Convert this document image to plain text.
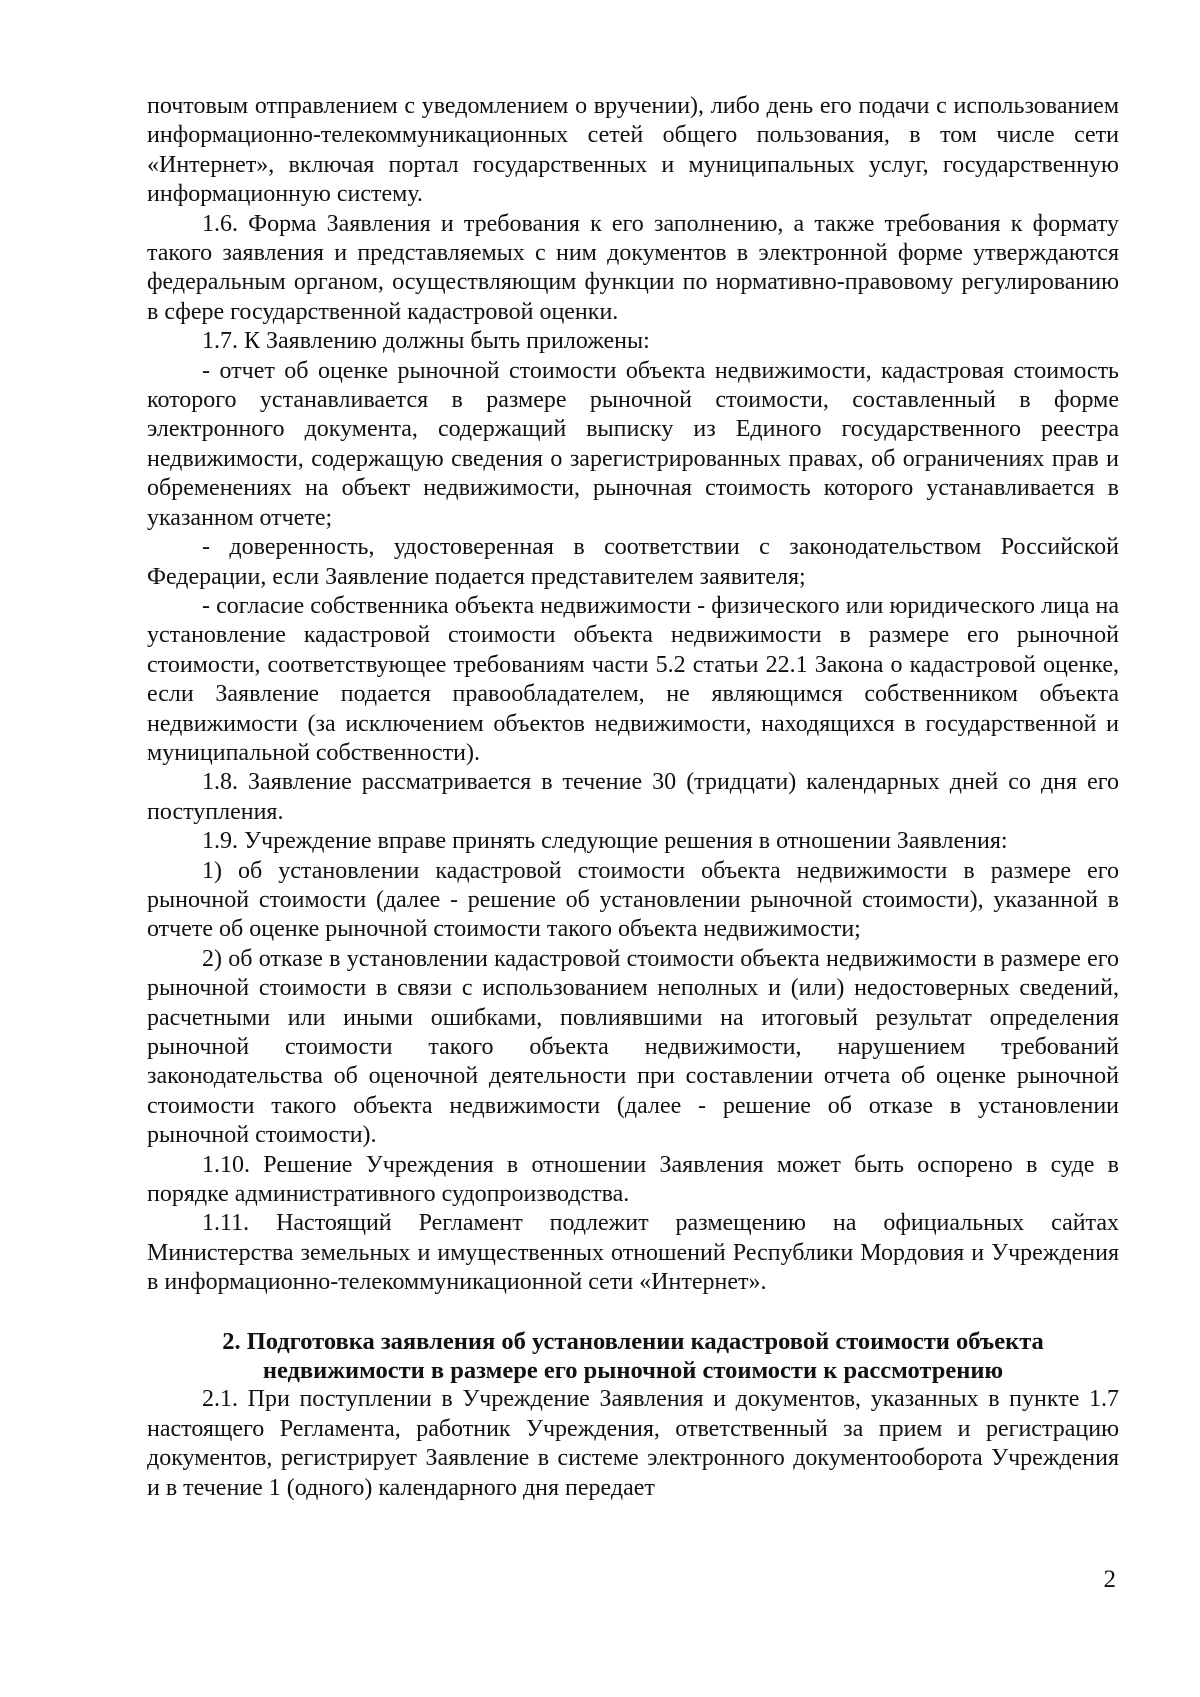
почтовым отправлением с уведомлением о вручении), либо день его подачи с использованием информационно-телекоммуникационных сетей общего пользования, в том числе сети «Интернет», включая портал государственных и муниципальных услуг, государственную информационную систему.

1.6. Форма Заявления и требования к его заполнению, а также требования к формату такого заявления и представляемых с ним документов в электронной форме утверждаются федеральным органом, осуществляющим функции по нормативно-правовому регулированию в сфере государственной кадастровой оценки.

1.7. К Заявлению должны быть приложены:

- отчет об оценке рыночной стоимости объекта недвижимости, кадастровая стоимость которого устанавливается в размере рыночной стоимости, составленный в форме электронного документа, содержащий выписку из Единого государственного реестра недвижимости, содержащую сведения о зарегистрированных правах, об ограничениях прав и обременениях на объект недвижимости, рыночная стоимость которого устанавливается в указанном отчете;

- доверенность, удостоверенная в соответствии с законодательством Российской Федерации, если Заявление подается представителем заявителя;

- согласие собственника объекта недвижимости - физического или юридического лица на установление кадастровой стоимости объекта недвижимости в размере его рыночной стоимости, соответствующее требованиям части 5.2 статьи 22.1 Закона о кадастровой оценке, если Заявление подается правообладателем, не являющимся собственником объекта недвижимости (за исключением объектов недвижимости, находящихся в государственной и муниципальной собственности).

1.8. Заявление рассматривается в течение 30 (тридцати) календарных дней со дня его поступления.

1.9. Учреждение вправе принять следующие решения в отношении Заявления:

1) об установлении кадастровой стоимости объекта недвижимости в размере его рыночной стоимости (далее - решение об установлении рыночной стоимости), указанной в отчете об оценке рыночной стоимости такого объекта недвижимости;

2) об отказе в установлении кадастровой стоимости объекта недвижимости в размере его рыночной стоимости в связи с использованием неполных и (или) недостоверных сведений, расчетными или иными ошибками, повлиявшими на итоговый результат определения рыночной стоимости такого объекта недвижимости, нарушением требований законодательства об оценочной деятельности при составлении отчета об оценке рыночной стоимости такого объекта недвижимости (далее - решение об отказе в установлении рыночной стоимости).

1.10. Решение Учреждения в отношении Заявления может быть оспорено в суде в порядке административного судопроизводства.

1.11. Настоящий Регламент подлежит размещению на официальных сайтах Министерства земельных и имущественных отношений Республики Мордовия и Учреждения в информационно-телекоммуникационной сети «Интернет».

2. Подготовка заявления об установлении кадастровой стоимости объекта недвижимости в размере его рыночной стоимости к рассмотрению

2.1. При поступлении в Учреждение Заявления и документов, указанных в пункте 1.7 настоящего Регламента, работник Учреждения, ответственный за прием и регистрацию документов, регистрирует Заявление в системе электронного документооборота Учреждения и в течение 1 (одного) календарного дня передает

2
